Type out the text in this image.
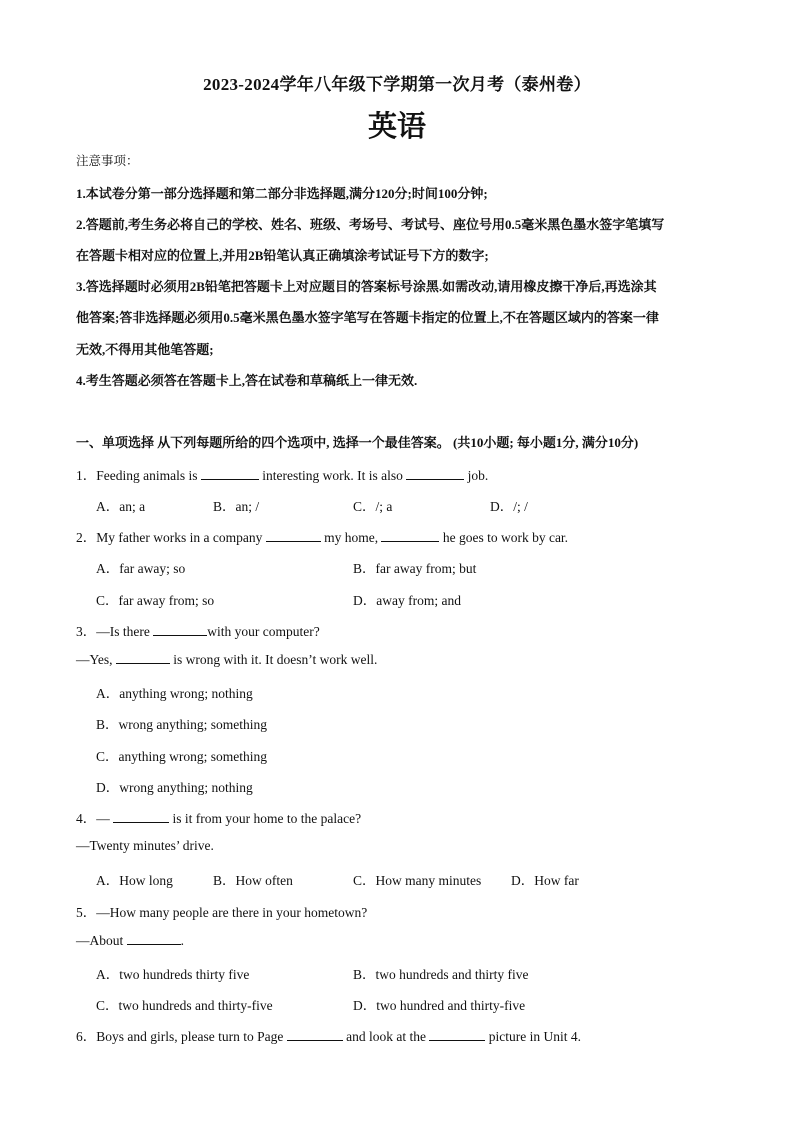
2023-2024学年八年级下学期第一次月考（泰州卷）
英语
注意事项：
1.本试卷分第一部分选择题和第二部分非选择题,满分120分;时间100分钟;
2.答题前,考生务必将自己的学校、姓名、班级、考场号、考试号、座位号用0.5毫米黑色墨水签字笔填写
在答题卡相对应的位置上,并用2B铅笔认真正确填涂考试证号下方的数字;
3.答选择题时必须用2B铅笔把答题卡上对应题目的答案标号涂黑.如需改动,请用橡皮擦干净后,再选涂其
他答案;答非选择题必须用0.5毫米黑色墨水签字笔写在答题卡指定的位置上,不在答题区域内的答案一律
无效,不得用其他笔答题;
4.考生答题必须答在答题卡上,答在试卷和草稿纸上一律无效.
一、单项选择 从下列每题所给的四个选项中, 选择一个最佳答案。 (共10小题; 每小题1分, 满分10分)
1．Feeding animals is	interesting work. It is also	job.
A．an; a	B．an; /	C．/; a	D．/; /
2．My father works in a company	my home,	he goes to work by car.
A．far away; so	B．far away from; but
C．far away from; so	D．away from; and
3．—Is there	with your computer?
—Yes,	is wrong with it. It doesn’t work well.
A．anything wrong; nothing
B．wrong anything; something
C．anything wrong; something
D．wrong anything; nothing
4．—	is it from your home to the palace?
—Twenty minutes’ drive.
A．How long	B．How often	C．How many minutes D．How far
5．—How many people are there in your hometown?
—About	.
A．two hundreds thirty five	B．two hundreds and thirty five
C．two hundreds and thirty-five	D．two hundred and thirty-five
6．Boys and girls, please turn to Page	and look at the	picture in Unit 4.
